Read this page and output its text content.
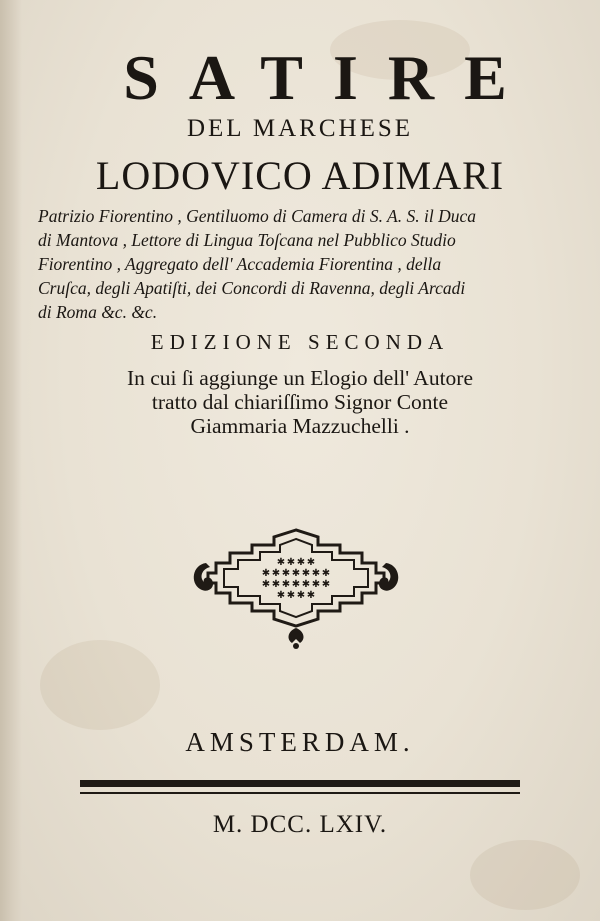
SATIRE
DEL MARCHESE
LODOVICO ADIMARI
Patrizio Fiorentino , Gentiluomo di Camera di S. A. S. il Duca
di Mantova , Lettore di Lingua Toſcana nel Pubblico Studio
Fiorentino , Aggregato dell' Accademia Fiorentina , della
Cruſca, degli Apatiſti, dei Concordi di Ravenna, degli Arcadi
di Roma &c. &c.
EDIZIONE SECONDA
In cui ſi aggiunge un Elogio dell' Autore
tratto dal chiariſſimo Signor Conte
Giammaria Mazzuchelli .
✱ ✱ ✱ ✱
✱ ✱ ✱ ✱ ✱ ✱ ✱
✱ ✱ ✱ ✱ ✱ ✱ ✱
✱ ✱ ✱ ✱
AMSTERDAM.
M. DCC. LXIV.
